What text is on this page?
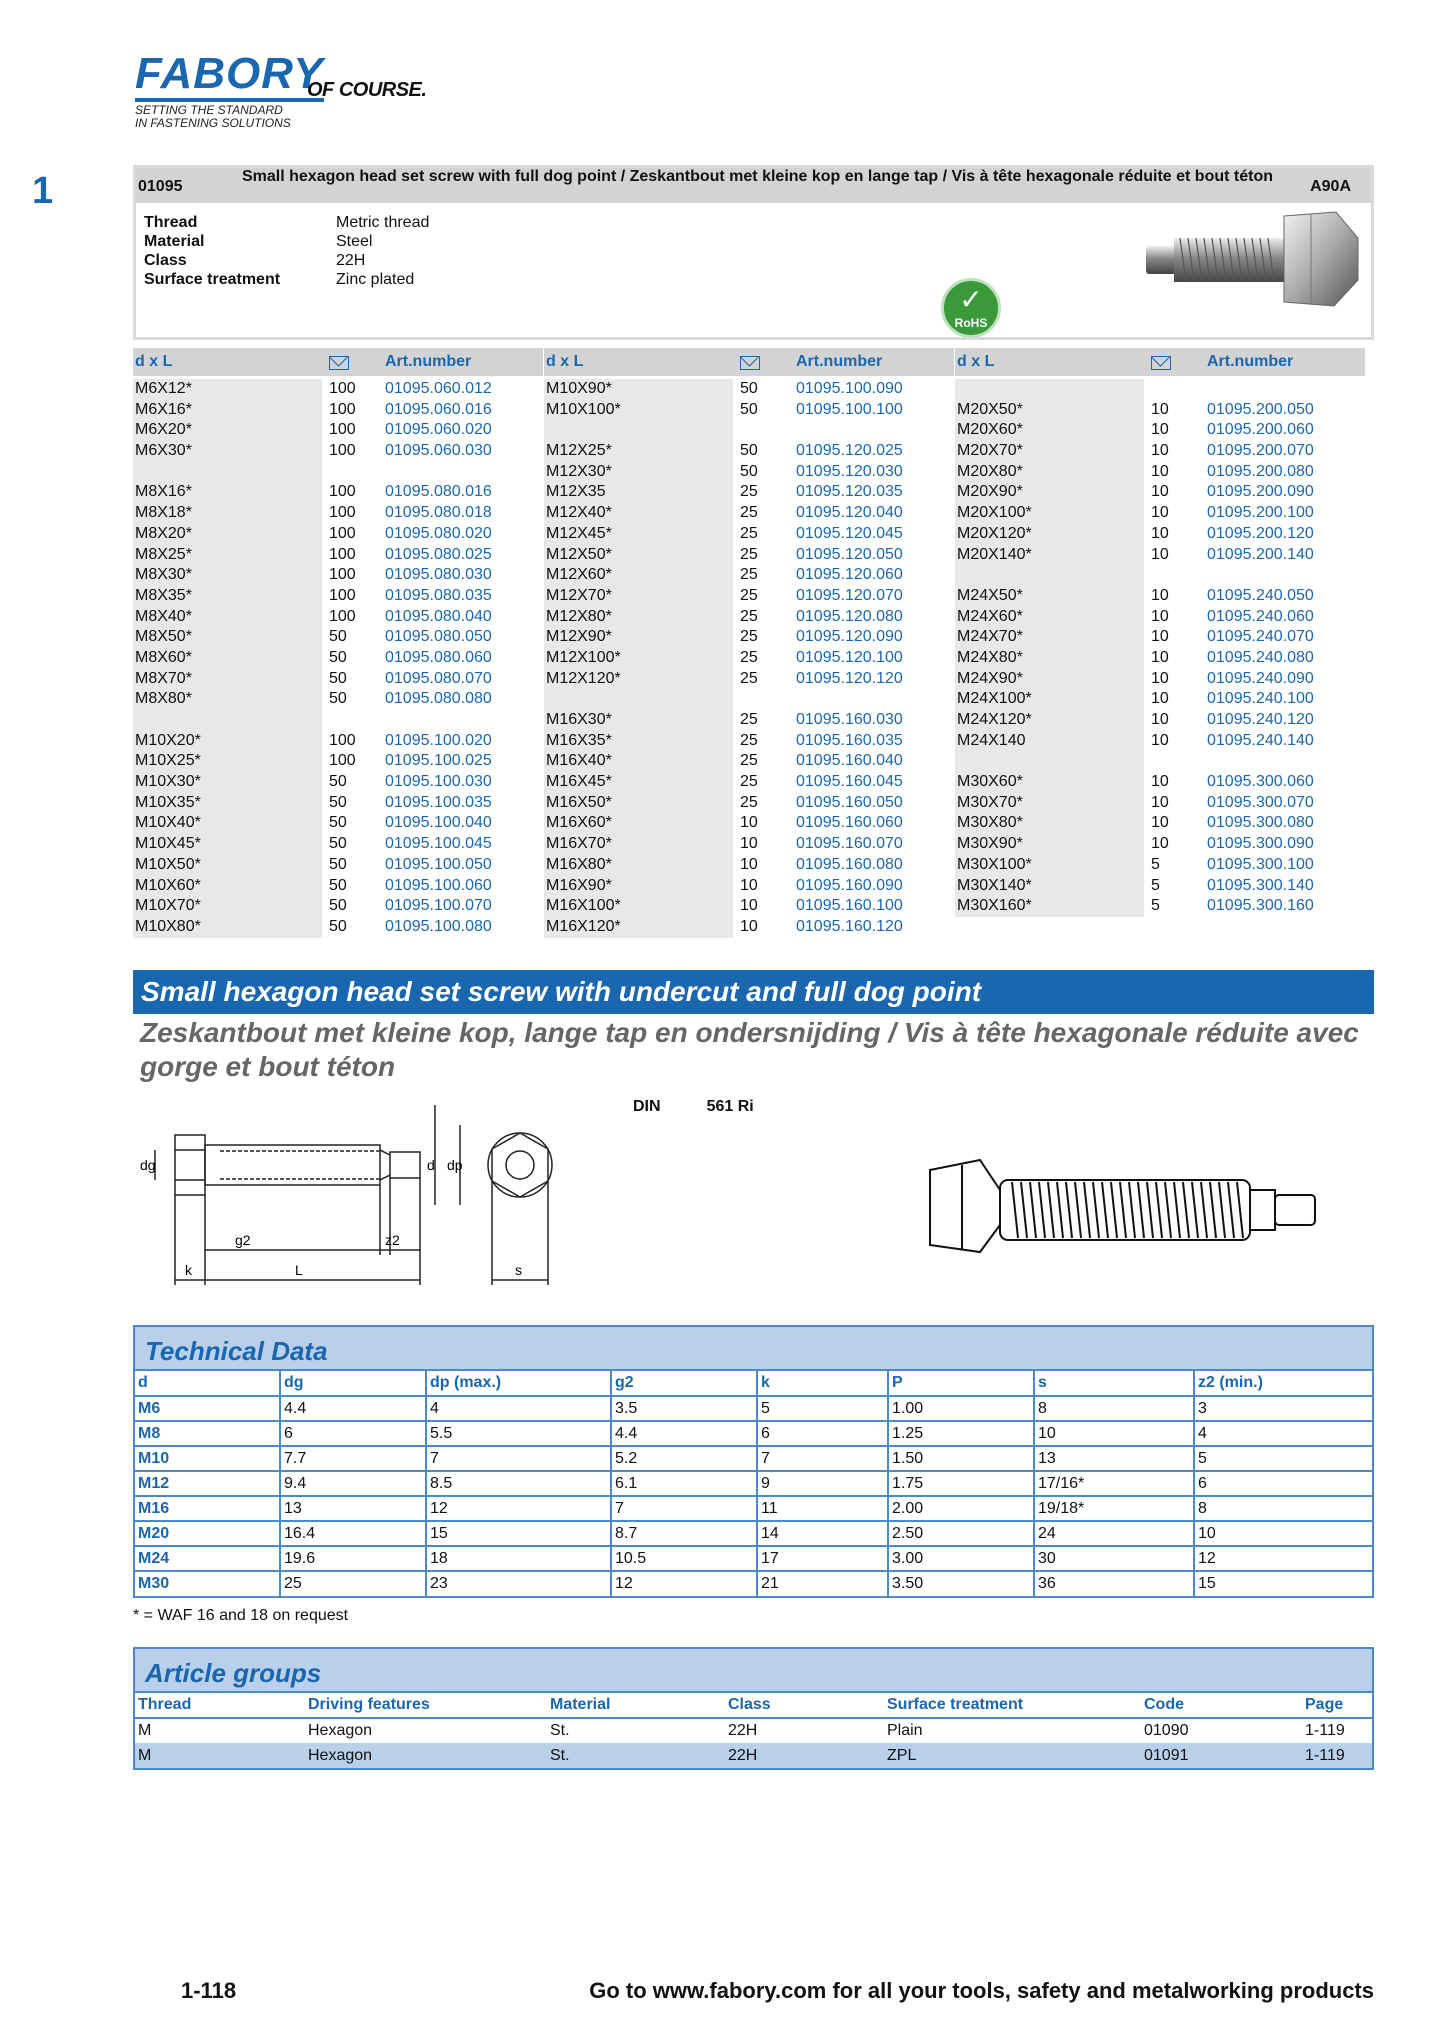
FABORY
OF COURSE.
SETTING THE STANDARD
IN FASTENING SOLUTIONS
1	01095
Small hexagon head set screw with full dog point / Zeskantbout met kleine kop en lange tap / Vis à tête hexagonale réduite et bout téton
A90A
Thread	Metric thread
Material	Steel
Class	22H
Surface treatment	Zinc plated
✓
RoHS
d x L	Art.number
M6X12*	100 01095.060.012
M6X16*	100 01095.060.016
M6X20*	100 01095.060.020
M6X30*	100 01095.060.030
M8X16*	100 01095.080.016
M8X18*	100 01095.080.018
M8X20*	100 01095.080.020
M8X25*	100 01095.080.025
M8X30*	100 01095.080.030
M8X35*	100 01095.080.035
M8X40*	100 01095.080.040
M8X50*	50 01095.080.050
M8X60*	50 01095.080.060
M8X70*	50 01095.080.070
M8X80*	50 01095.080.080
M10X20*	100 01095.100.020
M10X25*	100 01095.100.025
M10X30*	50 01095.100.030
M10X35*	50 01095.100.035
M10X40*	50 01095.100.040
M10X45*	50 01095.100.045
M10X50*	50 01095.100.050
M10X60*	50 01095.100.060
M10X70*	50 01095.100.070
M10X80*	50 01095.100.080
d x L	Art.number
M10X90*	50 01095.100.090
M10X100*	50 01095.100.100
M12X25*	50 01095.120.025
M12X30*	50 01095.120.030
M12X35	25 01095.120.035
M12X40*	25 01095.120.040
M12X45*	25 01095.120.045
M12X50*	25 01095.120.050
M12X60*	25 01095.120.060
M12X70*	25 01095.120.070
M12X80*	25 01095.120.080
M12X90*	25 01095.120.090
M12X100*	25 01095.120.100
M12X120*	25 01095.120.120
M16X30*	25 01095.160.030
M16X35*	25 01095.160.035
M16X40*	25 01095.160.040
M16X45*	25 01095.160.045
M16X50*	25 01095.160.050
M16X60*	10 01095.160.060
M16X70*	10 01095.160.070
M16X80*	10 01095.160.080
M16X90*	10 01095.160.090
M16X100*	10 01095.160.100
M16X120*	10 01095.160.120
d x L	Art.number
M20X50*	10 01095.200.050
M20X60*	10 01095.200.060
M20X70*	10 01095.200.070
M20X80*	10 01095.200.080
M20X90*	10 01095.200.090
M20X100*	10 01095.200.100
M20X120*	10 01095.200.120
M20X140*	10 01095.200.140
M24X50*	10 01095.240.050
M24X60*	10 01095.240.060
M24X70*	10 01095.240.070
M24X80*	10 01095.240.080
M24X90*	10 01095.240.090
M24X100*	10 01095.240.100
M24X120*	10 01095.240.120
M24X140	10 01095.240.140
M30X60*	10 01095.300.060
M30X70*	10 01095.300.070
M30X80*	10 01095.300.080
M30X90*	10 01095.300.090
M30X100*	5	01095.300.100
M30X140*	5	01095.300.140
M30X160*	5	01095.300.160
Small hexagon head set screw with undercut and full dog point
Zeskantbout met kleine kop, lange tap en ondersnijding / Vis à tête hexagonale réduite avec gorge et bout téton
DIN	561 Ri
dg	d dp
g2	z2
k	L	s
Technical Data
d	dg	dp (max.)	g2	k	P	s	z2 (min.)
M6	4.4	4	3.5	5	1.00	8	3
M8	6	5.5	4.4	6	1.25	10	4
M10	7.7	7	5.2	7	1.50	13	5
M12	9.4	8.5	6.1	9	1.75	17/16*	6
M16	13	12	7	11	2.00	19/18*	8
M20	16.4	15	8.7	14	2.50	24	10
M24	19.6	18	10.5	17	3.00	30	12
M30	25	23	12	21	3.50	36	15
* = WAF 16 and 18 on request
Article groups
Thread	Driving features	Material	Class	Surface treatment	Code	Page
M	Hexagon	St.	22H	Plain	01090	1-119
M	Hexagon	St.	22H	ZPL	01091	1-119
1-118	Go to www.fabory.com for all your tools, safety and metalworking products
